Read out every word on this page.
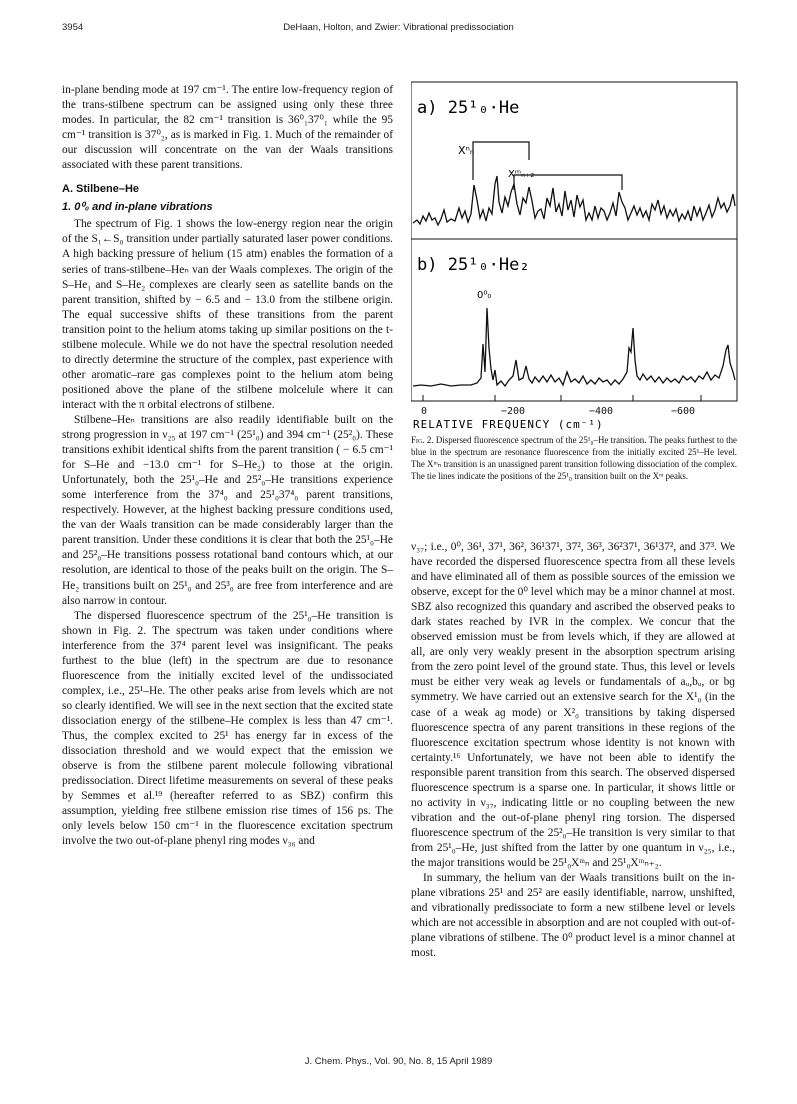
3954	DeHaan, Holton, and Zwier: Vibrational predissociation

in-plane bending mode at 197 cm⁻¹. The entire low-frequency region of the trans-stilbene spectrum can be assigned using only these three modes. In particular, the 82 cm⁻¹ transition is 36⁰₁37⁰₁ while the 95 cm⁻¹ transition is 37⁰₂, as is marked in Fig. 1. Much of the remainder of our discussion will concentrate on the van der Waals transitions associated with these parent transitions.

A. Stilbene–He
1. 0⁰₀ and in-plane vibrations

The spectrum of Fig. 1 shows the low-energy region near the origin of the S₁←S₀ transition under partially saturated laser power conditions. A high backing pressure of helium (15 atm) enables the formation of a series of trans-stilbene–Heₙ van der Waals complexes. The origin of the S–He₁ and S–He₂ complexes are clearly seen as satellite bands on the parent transition, shifted by − 6.5 and − 13.0 from the stilbene origin. The equal successive shifts of these transitions from the parent transition point to the helium atoms taking up similar positions on the t-stilbene molecule. While we do not have the spectral resolution needed to directly determine the structure of the complex, past experience with other aromatic–rare gas complexes point to the helium atom being positioned above the plane of the stilbene molcelule where it can interact with the π orbital electrons of stilbene.

Stilbene–Heₙ transitions are also readily identifiable built on the strong progression in ν₂₅ at 197 cm⁻¹ (25¹₀) and 394 cm⁻¹ (25²₀). These transitions exhibit identical shifts from the parent transition ( − 6.5 cm⁻¹ for S–He and −13.0 cm⁻¹ for S–He₂) to those at the origin. Unfortunately, both the 25¹₀–He and 25²₀–He transitions experience some interference from the 37⁴₀ and 25¹₀37⁴₀ parent transitions, respectively. However, at the highest backing pressure conditions used, the van der Waals transition can be made considerably larger than the parent transition. Under these conditions it is clear that both the 25¹₀–He and 25²₀–He transitions possess rotational band contours which, at our resolution, are identical to those of the peaks built on the origin. The S–He₂ transitions built on 25¹₀ and 25³₀ are free from interference and are also narrow in contour.

The dispersed fluorescence spectrum of the 25¹₀–He transition is shown in Fig. 2. The spectrum was taken under conditions where interference from the 37⁴ parent level was insignificant. The peaks furthest to the blue (left) in the spectrum are due to resonance fluorescence from the initially excited level of the undissociated complex, i.e., 25¹–He. The other peaks arise from levels which are not so clearly identified. We will see in the next section that the excited state dissociation energy of the stilbene–He complex is less than 47 cm⁻¹. Thus, the complex excited to 25¹ has energy far in excess of the dissociation threshold and we would expect that the emission we observe is from the stilbene parent molecule following vibrational predissociation. Direct lifetime measurements on several of these peaks by Semmes et al.¹⁹ (hereafter referred to as SBZ) confirm this assumption, yielding free stilbene emission rise times of 156 ps. The only levels below 150 cm⁻¹ in the fluorescence excitation spectrum involve the two out-of-plane phenyl ring modes ν₃₆ and

a) 25¹₀·He
Xⁿₙ
Xᵐₙ₊₂
b) 25¹₀·He₂
0⁰₀
0	−200	−400	−600
RELATIVE FREQUENCY (cm⁻¹)
Fig. 2. Dispersed fluorescence spectrum of the 25¹₀–He transition. The peaks furthest to the blue in the spectrum are resonance fluorescence from the initially excited 25¹–He level. The Xᵐₙ transition is an unassigned parent transition following dissociation of the complex. The tie lines indicate the positions of the 25¹₀ transition built on the Xᵐ peaks.

ν₃₇; i.e., 0⁰, 36¹, 37¹, 36², 36¹37¹, 37², 36³, 36²37¹, 36¹37², and 37³. We have recorded the dispersed fluorescence spectra from all these levels and have eliminated all of them as possible sources of the emission we observe, except for the 0⁰ level which may be a minor channel at most. SBZ also recognized this quandary and ascribed the observed peaks to dark states reached by IVR in the complex. We concur that the observed emission must be from levels which, if they are allowed at all, are only very weakly present in the absorption spectrum arising from the zero point level of the ground state. Thus, this level or levels must be either very weak aɡ levels or fundamentals of aᵤ,bᵤ, or bɡ symmetry. We have carried out an extensive search for the X¹₀ (in the case of a weak aɡ mode) or X²₀ transitions by taking dispersed fluorescence spectra of any parent transitions in these regions of the fluorescence excitation spectrum whose identity is not known with certainty.¹⁶ Unfortunately, we have not been able to identify the responsible parent transition from this search. The observed dispersed fluorescence spectrum is a sparse one. In particular, it shows little or no activity in ν₃₇, indicating little or no coupling between the new vibration and the out-of-plane phenyl ring torsion. The dispersed fluorescence spectrum of the 25²₀–He transition is very similar to that from 25¹₀–He, just shifted from the latter by one quantum in ν₂₅, i.e., the major transitions would be 25¹₀Xᵐₙ and 25¹₀Xᵐₙ₊₂.

In summary, the helium van der Waals transitions built on the in-plane vibrations 25¹ and 25² are easily identifiable, narrow, unshifted, and vibrationally predissociate to form a new stilbene level or levels which are not accessible in absorption and are not coupled with out-of-plane vibrations of stilbene. The 0⁰ product level is a minor channel at most.

J. Chem. Phys., Vol. 90, No. 8, 15 April 1989
